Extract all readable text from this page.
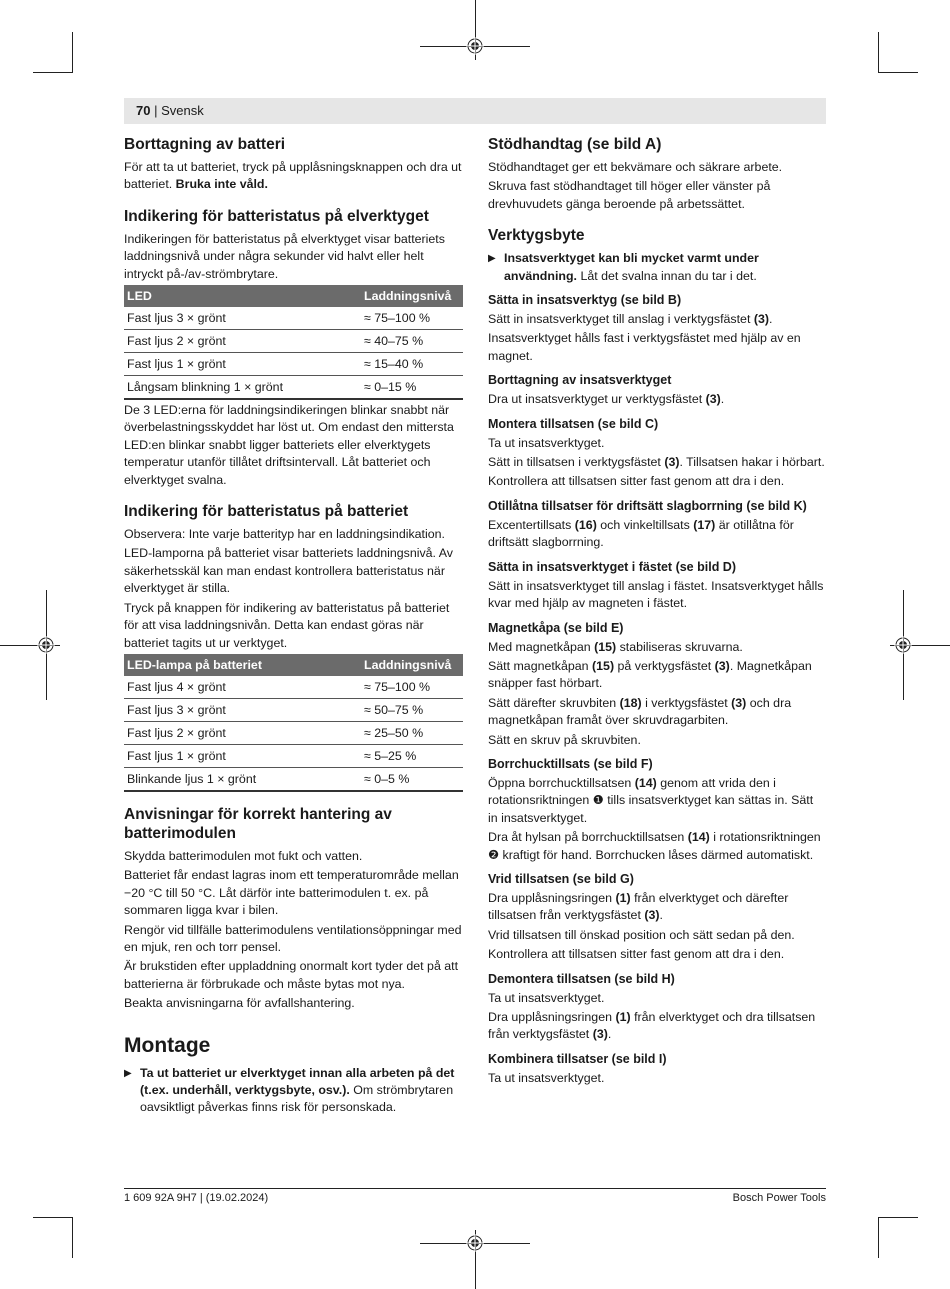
70 | Svensk
Borttagning av batteri

För att ta ut batteriet, tryck på upplåsningsknappen och dra ut batteriet. Bruka inte våld.

Indikering för batteristatus på elverktyget

Indikeringen för batteristatus på elverktyget visar batteriets laddningsnivå under några sekunder vid halvt eller helt intryckt på-/av-strömbrytare.

LED	Laddningsnivå
Fast ljus 3 × grönt	≈ 75–100 %
Fast ljus 2 × grönt	≈ 40–75 %
Fast ljus 1 × grönt	≈ 15–40 %
Långsam blinkning 1 × grönt	≈ 0–15 %

De 3 LED:erna för laddningsindikeringen blinkar snabbt när överbelastningsskyddet har löst ut. Om endast den mittersta LED:en blinkar snabbt ligger batteriets eller elverktygets temperatur utanför tillåtet driftsintervall. Låt batteriet och elverktyget svalna.

Indikering för batteristatus på batteriet

Observera: Inte varje batterityp har en laddningsindikation.

LED-lamporna på batteriet visar batteriets laddningsnivå. Av säkerhetsskäl kan man endast kontrollera batteristatus när elverktyget är stilla.

Tryck på knappen för indikering av batteristatus på batteriet för att visa laddningsnivån. Detta kan endast göras när batteriet tagits ut ur verktyget.

LED-lampa på batteriet	Laddningsnivå
Fast ljus 4 × grönt	≈ 75–100 %
Fast ljus 3 × grönt	≈ 50–75 %
Fast ljus 2 × grönt	≈ 25–50 %
Fast ljus 1 × grönt	≈ 5–25 %
Blinkande ljus 1 × grönt	≈ 0–5 %
Anvisningar för korrekt hantering av batterimodulen

Skydda batterimodulen mot fukt och vatten.

Batteriet får endast lagras inom ett temperaturområde mellan −20 °C till 50 °C. Låt därför inte batterimodulen t. ex. på sommaren ligga kvar i bilen.

Rengör vid tillfälle batterimodulens ventilationsöppningar med en mjuk, ren och torr pensel.

Är brukstiden efter uppladdning onormalt kort tyder det på att batterierna är förbrukade och måste bytas mot nya.

Beakta anvisningarna för avfallshantering.

Montage
▶ Ta ut batteriet ur elverktyget innan alla arbeten på det (t.ex. underhåll, verktygsbyte, osv.). Om strömbrytaren oavsiktligt påverkas finns risk för personskada.
Stödhandtag (se bild A)

Stödhandtaget ger ett bekvämare och säkrare arbete.

Skruva fast stödhandtaget till höger eller vänster på drevhuvudets gänga beroende på arbetssättet.

Verktygsbyte
▶ Insatsverktyget kan bli mycket varmt under användning. Låt det svalna innan du tar i det.
Sätta in insatsverktyg (se bild B)

Sätt in insatsverktyget till anslag i verktygsfästet (3).

Insatsverktyget hålls fast i verktygsfästet med hjälp av en magnet.

Borttagning av insatsverktyget

Dra ut insatsverktyget ur verktygsfästet (3).

Montera tillsatsen (se bild C)

Ta ut insatsverktyget.

Sätt in tillsatsen i verktygsfästet (3). Tillsatsen hakar i hörbart.

Kontrollera att tillsatsen sitter fast genom att dra i den.

Otillåtna tillsatser för driftsätt slagborrning (se bild K)

Excentertillsats (16) och vinkeltillsats (17) är otillåtna för driftsätt slagborrning.

Sätta in insatsverktyget i fästet (se bild D)

Sätt in insatsverktyget till anslag i fästet. Insatsverktyget hålls kvar med hjälp av magneten i fästet.

Magnetkåpa (se bild E)

Med magnetkåpan (15) stabiliseras skruvarna.

Sätt magnetkåpan (15) på verktygsfästet (3). Magnetkåpan snäpper fast hörbart.

Sätt därefter skruvbiten (18) i verktygsfästet (3) och dra magnetkåpan framåt över skruvdragarbiten.

Sätt en skruv på skruvbiten.

Borrchucktillsats (se bild F)

Öppna borrchucktillsatsen (14) genom att vrida den i rotationsriktningen ❶ tills insatsverktyget kan sättas in. Sätt in insatsverktyget.

Dra åt hylsan på borrchucktillsatsen (14) i rotationsriktningen ❷ kraftigt för hand. Borrchucken låses därmed automatiskt.

Vrid tillsatsen (se bild G)

Dra upplåsningsringen (1) från elverktyget och därefter tillsatsen från verktygsfästet (3).

Vrid tillsatsen till önskad position och sätt sedan på den.

Kontrollera att tillsatsen sitter fast genom att dra i den.

Demontera tillsatsen (se bild H)

Ta ut insatsverktyget.

Dra upplåsningsringen (1) från elverktyget och dra tillsatsen från verktygsfästet (3).

Kombinera tillsatser (se bild I)

Ta ut insatsverktyget.

1 609 92A 9H7 | (19.02.2024)	Bosch Power Tools
